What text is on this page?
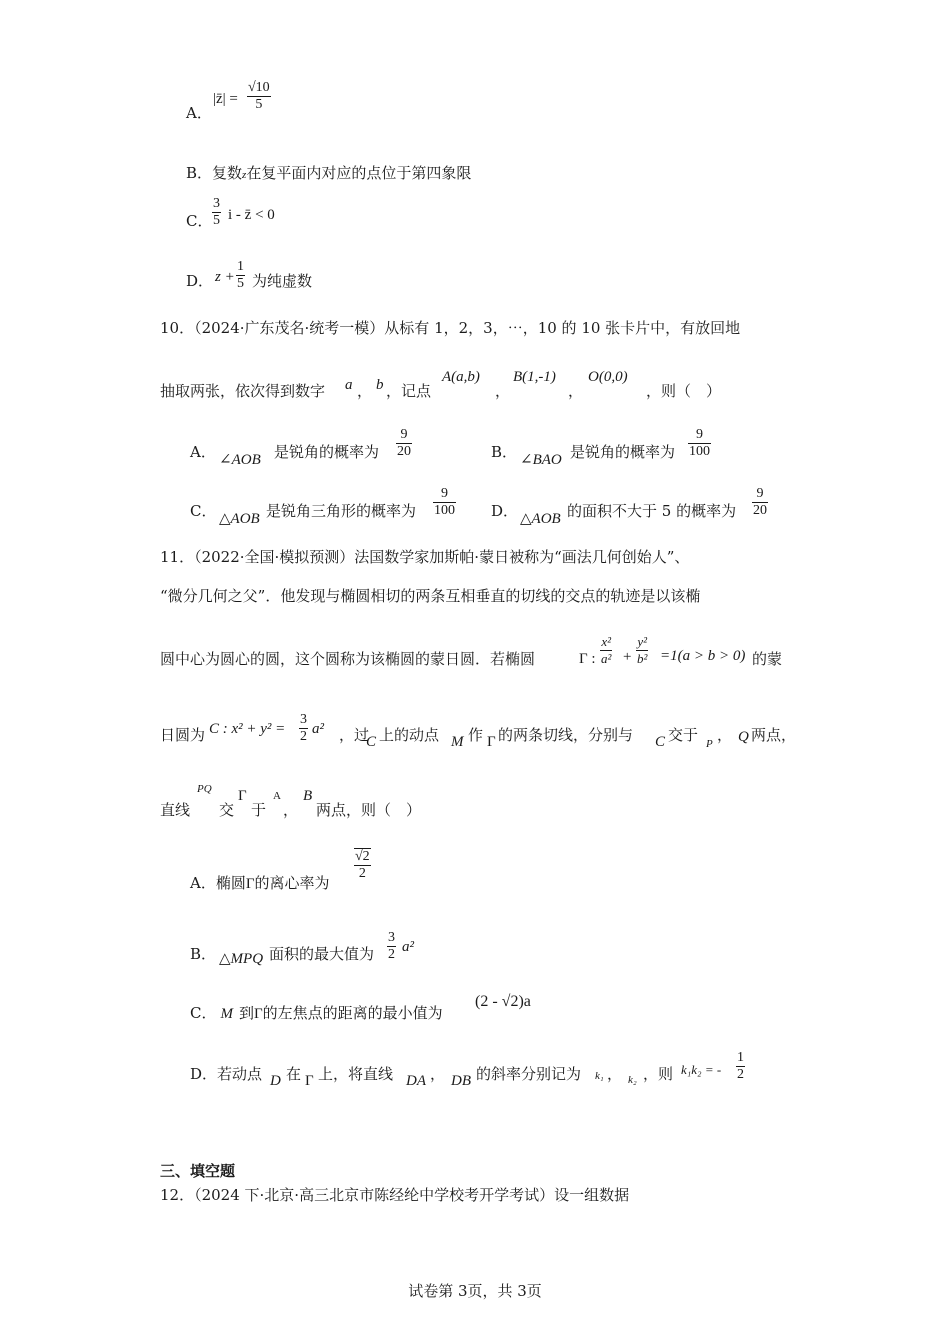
A．
|z̄| = $\frac{√10}{5}$
B．复数z在复平面内对应的点位于第四象限
C． $\frac{3}{5}$ i - z̄ < 0
D． $z + \frac{1}{5}$ 为纯虚数
10．（2024·广东茂名·统考一模）从标有 1，2，3，⋯，10 的 10 张卡片中，有放回地
抽取两张，依次得到数字 a ， b ，记点
A(a,b)
，
B(1,-1)
，
O(0,0)
，则（　）
A． ∠AOB 是锐角的概率为 $\frac{9}{20}$	B． ∠BAO 是锐角的概率为 $\frac{9}{100}$
C． △AOB 是锐角三角形的概率为 $\frac{9}{100}$ D． △AOB 的面积不大于 5 的概率为 $\frac{9}{20}$
11．（2022·全国·模拟预测）法国数学家加斯帕·蒙日被称为“画法几何创始人”、
“微分几何之父”．他发现与椭圆相切的两条互相垂直的切线的交点的轨迹是以该椭
圆中心为圆心的圆，这个圆称为该椭圆的蒙日圆．若椭圆	Γ : $\frac{\text{x²}}{\text{a²}} + \frac{\text{y²}}{\text{b²}} =1(a > b > 0)$ 的蒙
日圆为 C : $x^2 + y^2 = \frac{3}{2} a^2$ ，过
C 上的动点 M 作 Γ 的两条切线，分别与 C 交于 P ， Q 两点，
直线
PQ
交
Γ
于
A
，
B
两点，则（　）
A．椭圆Γ的离心率为
$\frac{√2}{2}$
B． △MPQ 面积的最大值为 $\frac{3}{2} a^2$
C． M 到Γ的左焦点的距离的最小值为
(2 - √2)a
D．若动点 D 在 Γ 上，将直线 DA ， DB 的斜率分别记为 k₁ ， k₂ ，则 k₁k₂ = - $\frac{1}{2}$
三、填空题
12．（2024 下·北京·高三北京市陈经纶中学校考开学考试）设一组数据
试卷第 3页，共 3页
